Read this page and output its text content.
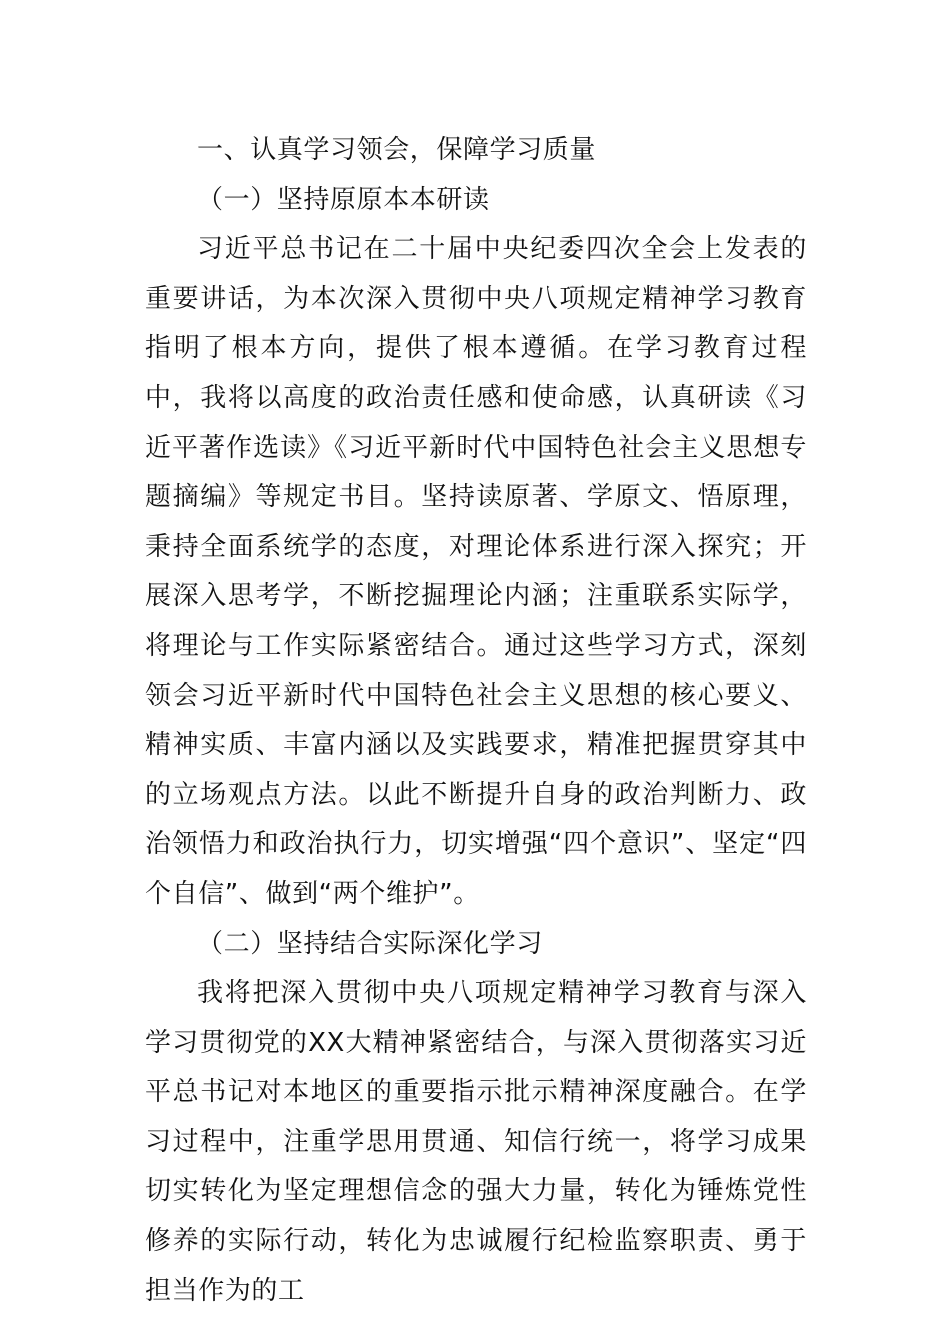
一、认真学习领会，保障学习质量
（一）坚持原原本本研读

习近平总书记在二十届中央纪委四次全会上发表的重要讲话，为本次深入贯彻中央八项规定精神学习教育指明了根本方向，提供了根本遵循。在学习教育过程中，我将以高度的政治责任感和使命感，认真研读《习近平著作选读》《习近平新时代中国特色社会主义思想专题摘编》等规定书目。坚持读原著、学原文、悟原理，秉持全面系统学的态度，对理论体系进行深入探究；开展深入思考学，不断挖掘理论内涵；注重联系实际学，将理论与工作实际紧密结合。通过这些学习方式，深刻领会习近平新时代中国特色社会主义思想的核心要义、精神实质、丰富内涵以及实践要求，精准把握贯穿其中的立场观点方法。以此不断提升自身的政治判断力、政治领悟力和政治执行力，切实增强“四个意识”、坚定“四个自信”、做到“两个维护”。

（二）坚持结合实际深化学习

我将把深入贯彻中央八项规定精神学习教育与深入学习贯彻党的XX大精神紧密结合，与深入贯彻落实习近平总书记对本地区的重要指示批示精神深度融合。在学习过程中，注重学思用贯通、知信行统一，将学习成果切实转化为坚定理想信念的强大力量，转化为锤炼党性修养的实际行动，转化为忠诚履行纪检监察职责、勇于担当作为的工
